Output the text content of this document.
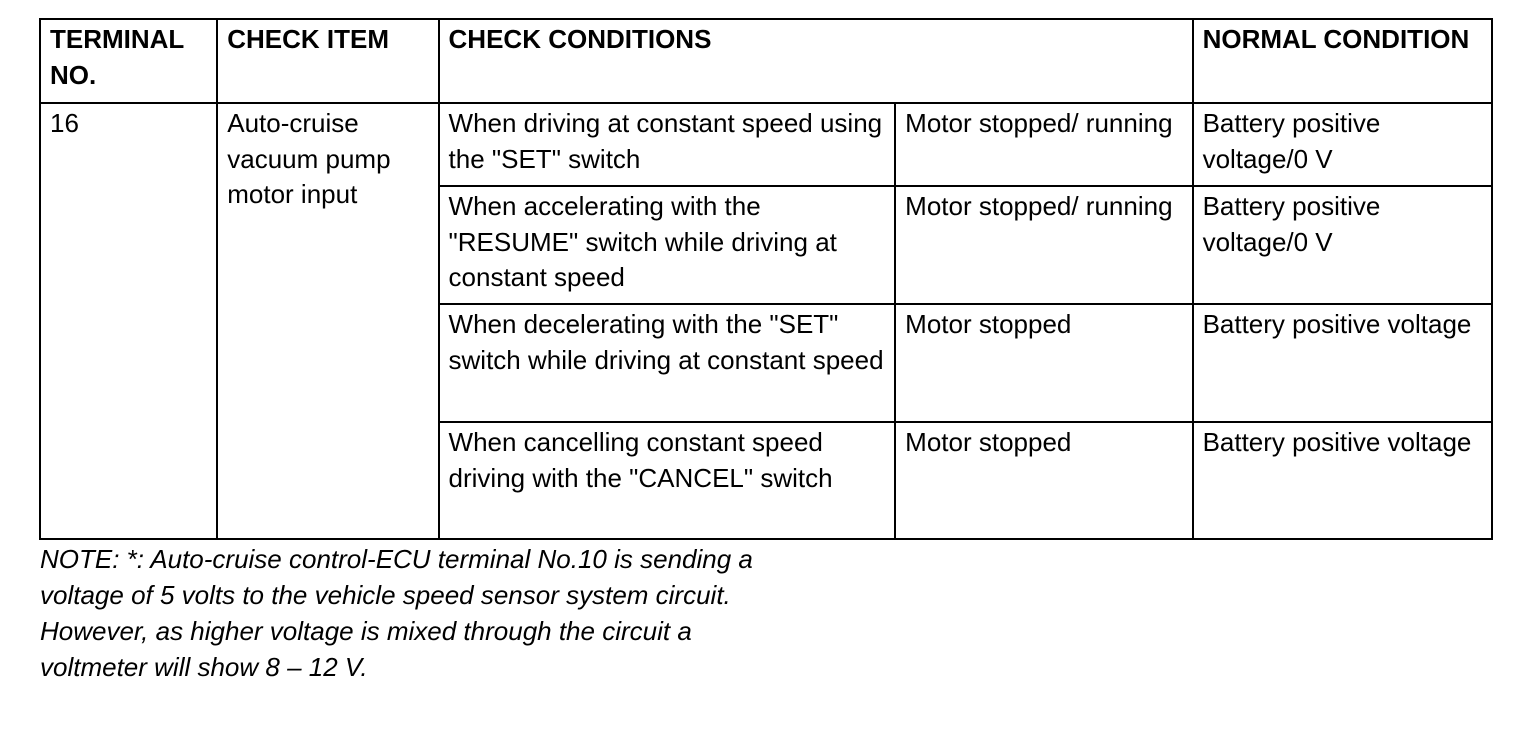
TERMINAL NO.	CHECK ITEM	CHECK CONDITIONS		NORMAL CONDITION
16	Auto-cruise vacuum pump motor input	When driving at constant speed using the "SET" switch	Motor stopped/ running	Battery positive voltage/0 V
		When accelerating with the "RESUME" switch while driving at constant speed	Motor stopped/ running	Battery positive voltage/0 V
		When decelerating with the "SET" switch while driving at constant speed	Motor stopped	Battery positive voltage
		When cancelling constant speed driving with the "CANCEL" switch	Motor stopped	Battery positive voltage

NOTE: *: Auto-cruise control-ECU terminal No.10 is sending a voltage of 5 volts to the vehicle speed sensor system circuit. However, as higher voltage is mixed through the circuit a voltmeter will show 8 – 12 V.
